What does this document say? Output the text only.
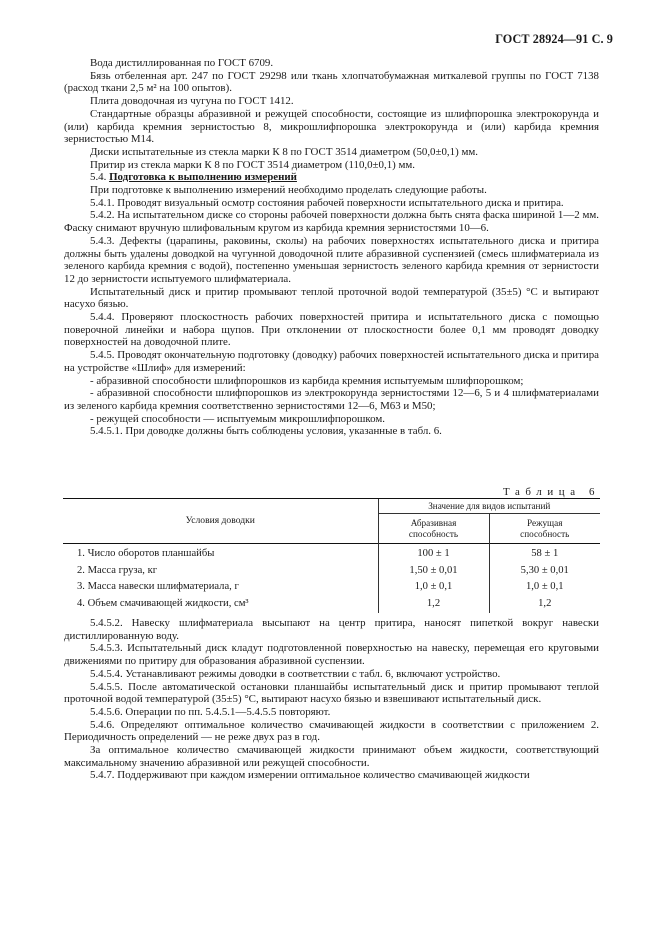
ГОСТ 28924—91 С. 9

Вода дистиллированная по ГОСТ 6709.

Бязь отбеленная арт. 247 по ГОСТ 29298 или ткань хлопчатобумажная миткалевой группы по ГОСТ 7138 (расход ткани 2,5 м² на 100 опытов).

Плита доводочная из чугуна по ГОСТ 1412.

Стандартные образцы абразивной и режущей способности, состоящие из шлифпорошка электрокорунда и (или) карбида кремния зернистостью 8, микрошлифпорошка электрокорунда и (или) карбида кремния зернистостью М14.

Диски испытательные из стекла марки К 8 по ГОСТ 3514 диаметром (50,0±0,1) мм.

Притир из стекла марки К 8 по ГОСТ 3514 диаметром (110,0±0,1) мм.

5.4. Подготовка к выполнению измерений

При подготовке к выполнению измерений необходимо проделать следующие работы.

5.4.1. Проводят визуальный осмотр состояния рабочей поверхности испытательного диска и притира.

5.4.2. На испытательном диске со стороны рабочей поверхности должна быть снята фаска шириной 1—2 мм. Фаску снимают вручную шлифовальным кругом из карбида кремния зернистостями 10—6.

5.4.3. Дефекты (царапины, раковины, сколы) на рабочих поверхностях испытательного диска и притира должны быть удалены доводкой на чугунной доводочной плите абразивной суспензией (смесь шлифматериала из зеленого карбида кремния с водой), постепенно уменьшая зернистость зеленого карбида кремния от зернистости 12 до зернистости испытуемого шлифматериала.

Испытательный диск и притир промывают теплой проточной водой температурой (35±5) °С и вытирают насухо бязью.

5.4.4. Проверяют плоскостность рабочих поверхностей притира и испытательного диска с помощью поверочной линейки и набора щупов. При отклонении от плоскостности более 0,1 мм проводят доводку поверхностей на доводочной плите.

5.4.5. Проводят окончательную подготовку (доводку) рабочих поверхностей испытательного диска и притира на устройстве «Шлиф» для измерений:

- абразивной способности шлифпорошков из карбида кремния испытуемым шлифпорошком;

- абразивной способности шлифпорошков из электрокорунда зернистостями 12—6, 5 и 4 шлифматериалами из зеленого карбида кремния соответственно зернистостями 12—6, М63 и М50;

- режущей способности — испытуемым микрошлифпорошком.

5.4.5.1. При доводке должны быть соблюдены условия, указанные в табл. 6.

Таблица 6
Условия доводки	Значение для видов испытаний	
	Абразивная способность	Режущая способность
1. Число оборотов планшайбы	100 ± 1	58 ± 1
2. Масса груза, кг	1,50 ± 0,01	5,30 ± 0,01
3. Масса навески шлифматериала, г	1,0 ± 0,1	1,0 ± 0,1
4. Объем смачивающей жидкости, см³	1,2	1,2

5.4.5.2. Навеску шлифматериала высыпают на центр притира, наносят пипеткой вокруг навески дистиллированную воду.

5.4.5.3. Испытательный диск кладут подготовленной поверхностью на навеску, перемещая его круговыми движениями по притиру для образования абразивной суспензии.

5.4.5.4. Устанавливают режимы доводки в соответствии с табл. 6, включают устройство.

5.4.5.5. После автоматической остановки планшайбы испытательный диск и притир промывают теплой проточной водой температурой (35±5) °С, вытирают насухо бязью и взвешивают испытательный диск.

5.4.5.6. Операции по пп. 5.4.5.1—5.4.5.5 повторяют.

5.4.6. Определяют оптимальное количество смачивающей жидкости в соответствии с приложением 2. Периодичность определений — не реже двух раз в год.

За оптимальное количество смачивающей жидкости принимают объем жидкости, соответствующий максимальному значению абразивной или режущей способности.

5.4.7. Поддерживают при каждом измерении оптимальное количество смачивающей жидкости
